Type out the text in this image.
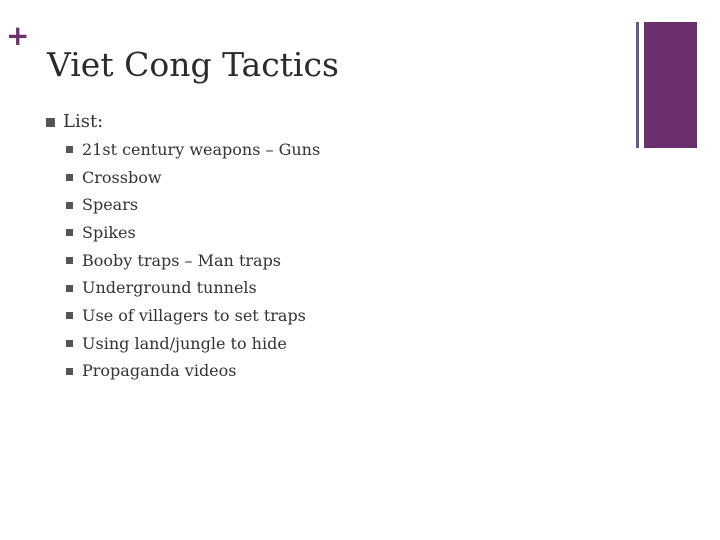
+
Viet Cong Tactics
List:
21st century weapons – Guns
Crossbow
Spears
Spikes
Booby traps – Man traps
Underground tunnels
Use of villagers to set traps
Using land/jungle to hide
Propaganda videos
